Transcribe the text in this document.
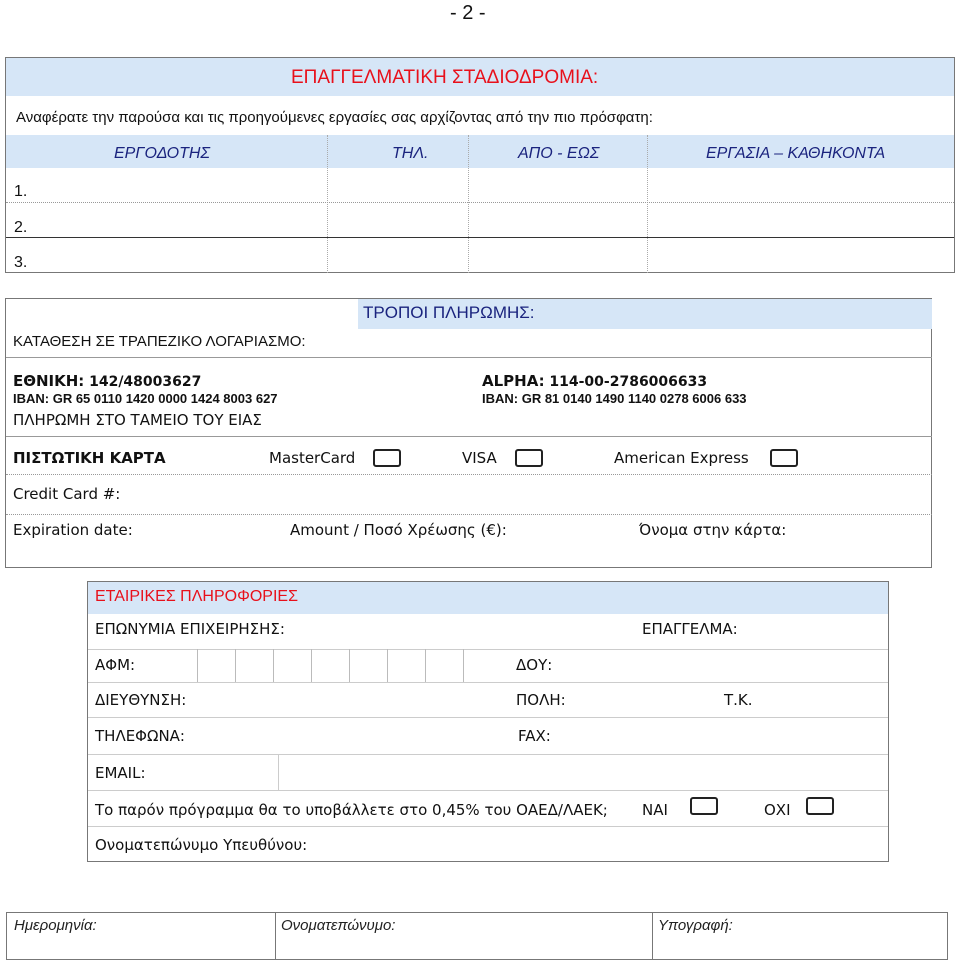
- 2 -
ΕΠΑΓΓΕΛΜΑΤΙΚΗ ΣΤΑΔΙΟΔΡΟΜΙΑ:
Αναφέρατε την παρούσα και τις προηγούμενες εργασίες σας αρχίζοντας από την πιο πρόσφατη:
ΕΡΓΟΔΟΤΗΣ	ΤΗΛ.	ΑΠΟ - ΕΩΣ	ΕΡΓΑΣΙΑ – ΚΑΘΗΚΟΝΤΑ
1.
2.
3.
ΚΑΤΑΘΕΣΗ ΣΕ ΤΡΑΠΕΖΙΚΟ ΛΟΓΑΡΙΑΣΜΟ:
ΤΡΟΠΟΙ ΠΛΗΡΩΜΗΣ:
ΕΘΝΙΚΗ: 142/48003627
IBAN: GR 65 0110 1420 0000 1424 8003 627
ΠΛΗΡΩΜΗ ΣΤΟ ΤΑΜΕΙΟ ΤΟΥ ΕΙΑΣ
ALPHA: 114-00-2786006633
IBAN: GR 81 0140 1490 1140 0278 6006 633
ΠΙΣΤΩΤΙΚΗ ΚΑΡΤΑ	MasterCard	VISA	American Express
Credit Card #:
Expiration date:	Amount / Ποσό Χρέωσης (€):	Όνομα στην κάρτα:
ΕΤΑΙΡΙΚΕΣ ΠΛΗΡΟΦΟΡΙΕΣ
ΕΠΩΝΥΜΙΑ ΕΠΙΧΕΙΡΗΣΗΣ:	ΕΠΑΓΓΕΛΜΑ:
ΑΦΜ:	ΔΟΥ:
ΔΙΕΥΘΥΝΣΗ:	ΠΟΛΗ:	Τ.Κ.
ΤΗΛΕΦΩΝΑ:	FAX:
EMAIL:
Το παρόν πρόγραμμα θα το υποβάλλετε στο 0,45% του ΟΑΕΔ/ΛΑΕΚ; ΝΑΙ	ΟΧΙ
Ονοματεπώνυμο Υπευθύνου:
Ημερομηνία:	Ονοματεπώνυμο:	Υπογραφή:
